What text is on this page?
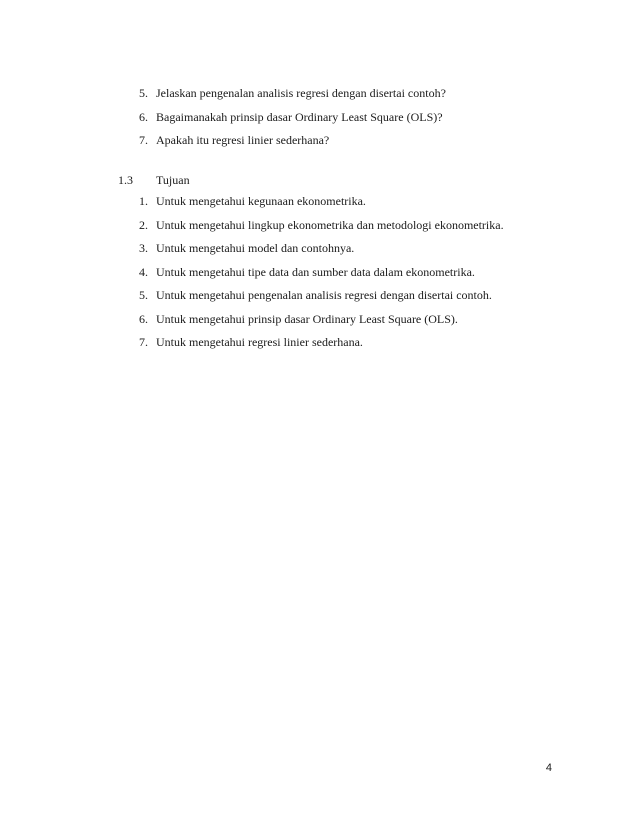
5. Jelaskan pengenalan analisis regresi dengan disertai contoh?
6. Bagaimanakah prinsip dasar Ordinary Least Square (OLS)?
7. Apakah itu regresi linier sederhana?
1.3 Tujuan
1. Untuk mengetahui kegunaan ekonometrika.
2. Untuk mengetahui lingkup ekonometrika dan metodologi ekonometrika.
3. Untuk mengetahui model dan contohnya.
4. Untuk mengetahui tipe data dan sumber data dalam ekonometrika.
5. Untuk mengetahui pengenalan analisis regresi dengan disertai contoh.
6. Untuk mengetahui prinsip dasar Ordinary Least Square (OLS).
7. Untuk mengetahui regresi linier sederhana.
4
